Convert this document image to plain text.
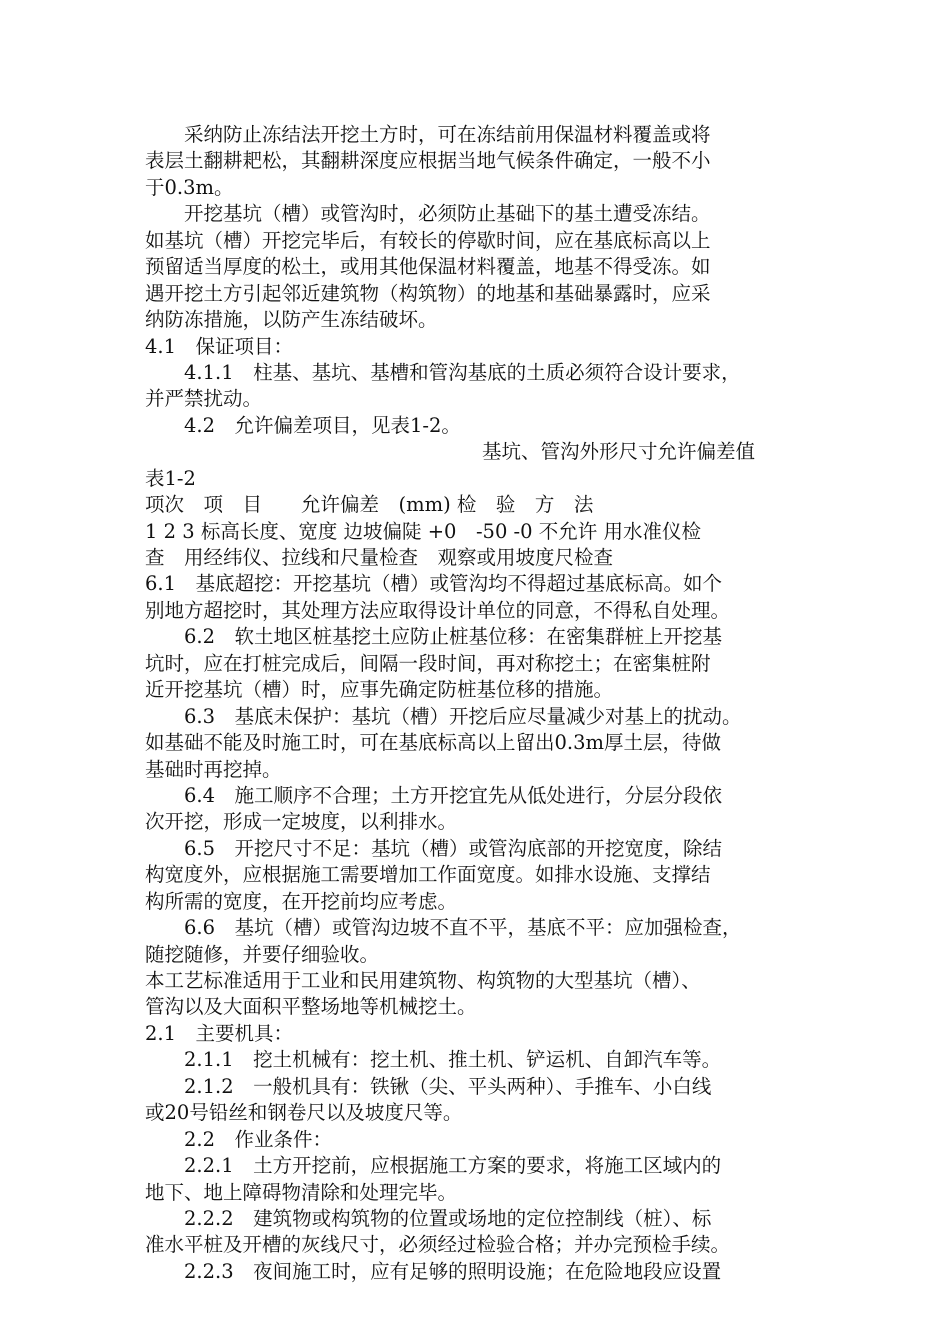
　　采纳防止冻结法开挖土方时，可在冻结前用保温材料覆盖或将
表层土翻耕耙松，其翻耕深度应根据当地气候条件确定，一般不小
于0.3m。
　　开挖基坑（槽）或管沟时，必须防止基础下的基土遭受冻结。
如基坑（槽）开挖完毕后，有较长的停歇时间，应在基底标高以上
预留适当厚度的松土，或用其他保温材料覆盖，地基不得受冻。如
遇开挖土方引起邻近建筑物（构筑物）的地基和基础暴露时，应采
纳防冻措施，以防产生冻结破坏。
4.1　保证项目：
　　4.1.1　柱基、基坑、基槽和管沟基底的土质必须符合设计要求，
并严禁扰动。
　　4.2　允许偏差项目，见表1-2。
基坑、管沟外形尺寸允许偏差值
表1-2
项次　项　目　　允许偏差　(mm) 检　验　方　法
1 2 3 标高长度、宽度 边坡偏陡 +0　-50 -0 不允许 用水准仪检
查　用经纬仪、拉线和尺量检查　观察或用坡度尺检查
6.1　基底超挖：开挖基坑（槽）或管沟均不得超过基底标高。如个
别地方超挖时，其处理方法应取得设计单位的同意，不得私自处理。
　　6.2　软土地区桩基挖土应防止桩基位移：在密集群桩上开挖基
坑时，应在打桩完成后，间隔一段时间，再对称挖土；在密集桩附
近开挖基坑（槽）时，应事先确定防桩基位移的措施。
　　6.3　基底未保护：基坑（槽）开挖后应尽量减少对基上的扰动。
如基础不能及时施工时，可在基底标高以上留出0.3m厚土层，待做
基础时再挖掉。
　　6.4　施工顺序不合理；土方开挖宜先从低处进行，分层分段依
次开挖，形成一定坡度，以利排水。
　　6.5　开挖尺寸不足：基坑（槽）或管沟底部的开挖宽度，除结
构宽度外，应根据施工需要增加工作面宽度。如排水设施、支撑结
构所需的宽度，在开挖前均应考虑。
　　6.6　基坑（槽）或管沟边坡不直不平，基底不平：应加强检查，
随挖随修，并要仔细验收。
本工艺标准适用于工业和民用建筑物、构筑物的大型基坑（槽）、
管沟以及大面积平整场地等机械挖土。
2.1　主要机具：
　　2.1.1　挖土机械有：挖土机、推土机、铲运机、自卸汽车等。
　　2.1.2　一般机具有：铁锹（尖、平头两种）、手推车、小白线
或20号铅丝和钢卷尺以及坡度尺等。
　　2.2　作业条件：
　　2.2.1　土方开挖前，应根据施工方案的要求，将施工区域内的
地下、地上障碍物清除和处理完毕。
　　2.2.2　建筑物或构筑物的位置或场地的定位控制线（桩）、标
准水平桩及开槽的灰线尺寸，必须经过检验合格；并办完预检手续。
　　2.2.3　夜间施工时，应有足够的照明设施；在危险地段应设置
